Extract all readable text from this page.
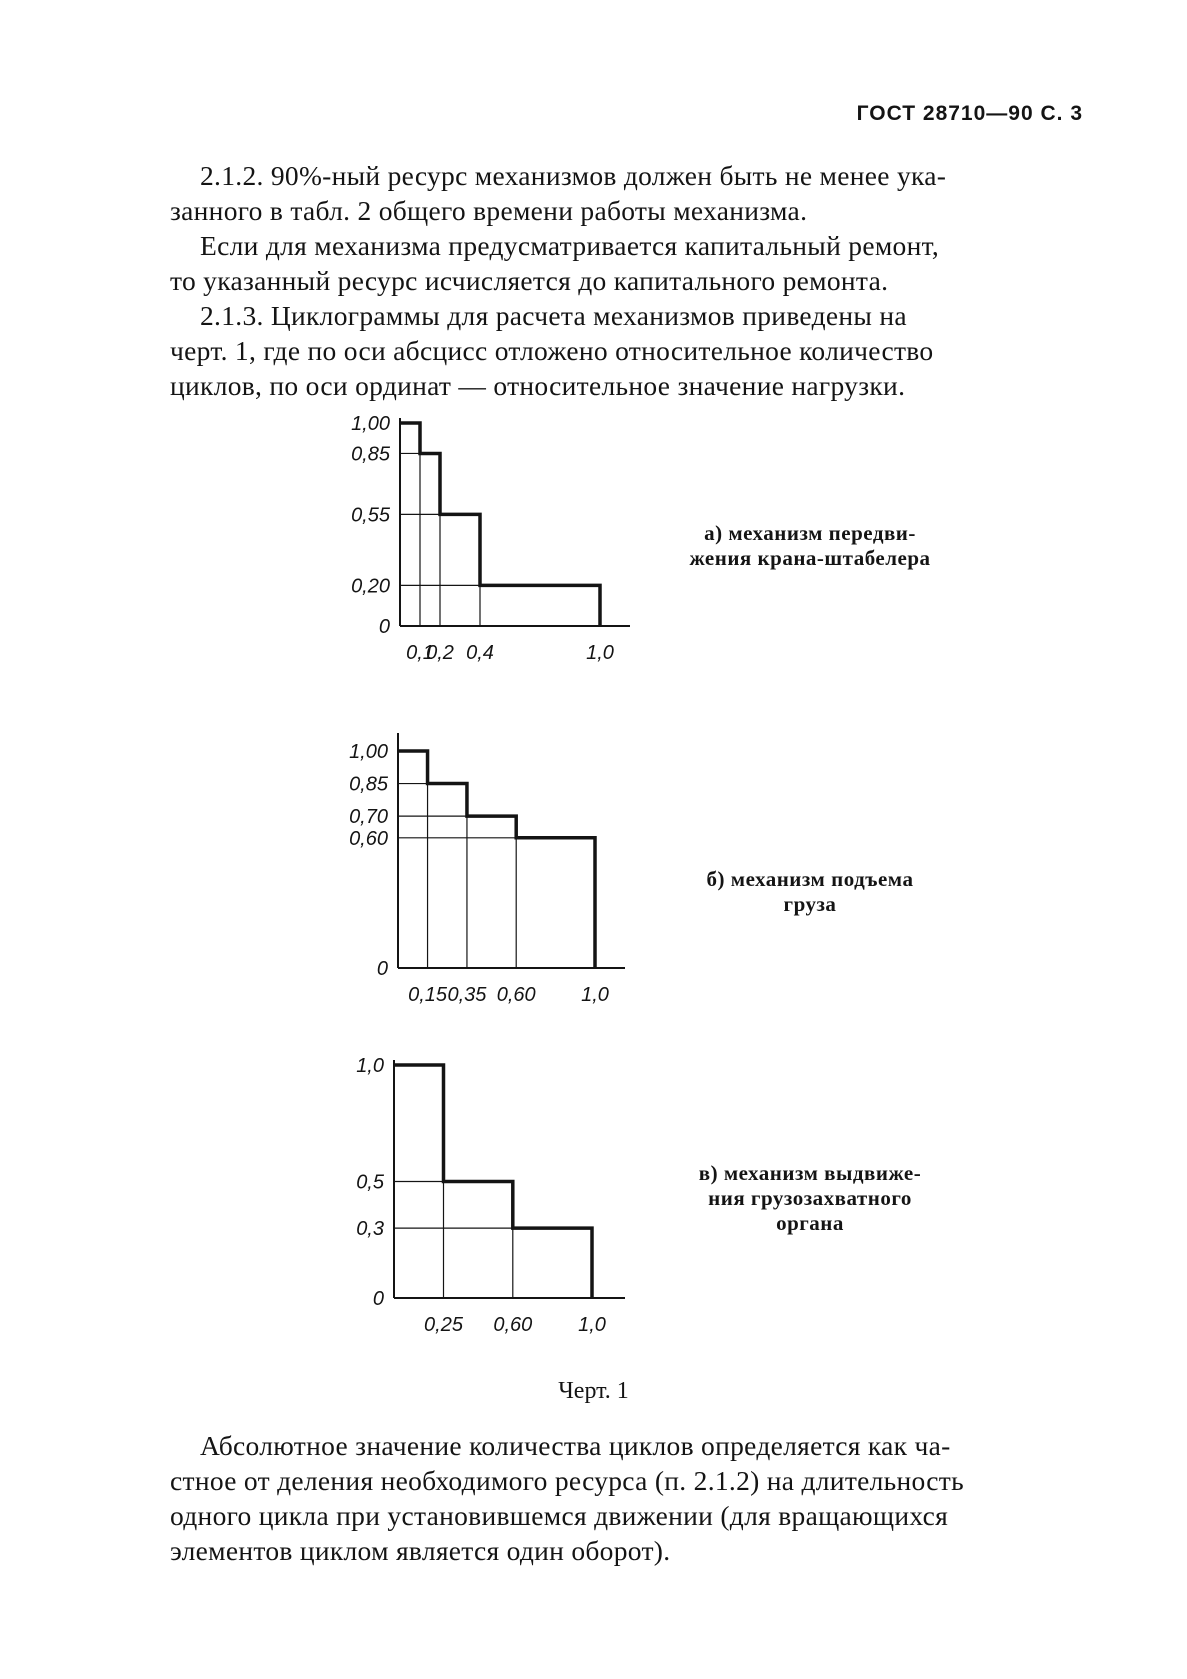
ГОСТ 28710—90 С. 3
2.1.2. 90%-ный ресурс механизмов должен быть не менее ука-
занного в табл. 2 общего времени работы механизма.
Если для механизма предусматривается капитальный ремонт,
то указанный ресурс исчисляется до капитального ремонта.
2.1.3. Циклограммы для расчета механизмов приведены на
черт. 1, где по оси абсцисс отложено относительное количество
циклов, по оси ординат — относительное значение нагрузки.
1,00
0,85
0,55
0,20
0
0,1
0,2 0,4	1,0
1,00
0,85
0,70
0,60
0
0,15 0,35 0,60 1,0
1,0
0,5
0,3
0
0,25 0,60 1,0
а) механизм передви-
жения крана-штабелера
б) механизм подъема
груза
в) механизм выдвиже-
ния грузозахватного
органа
Черт. 1
Абсолютное значение количества циклов определяется как ча-
стное от деления необходимого ресурса (п. 2.1.2) на длительность
одного цикла при установившемся движении (для вращающихся
элементов циклом является один оборот).
